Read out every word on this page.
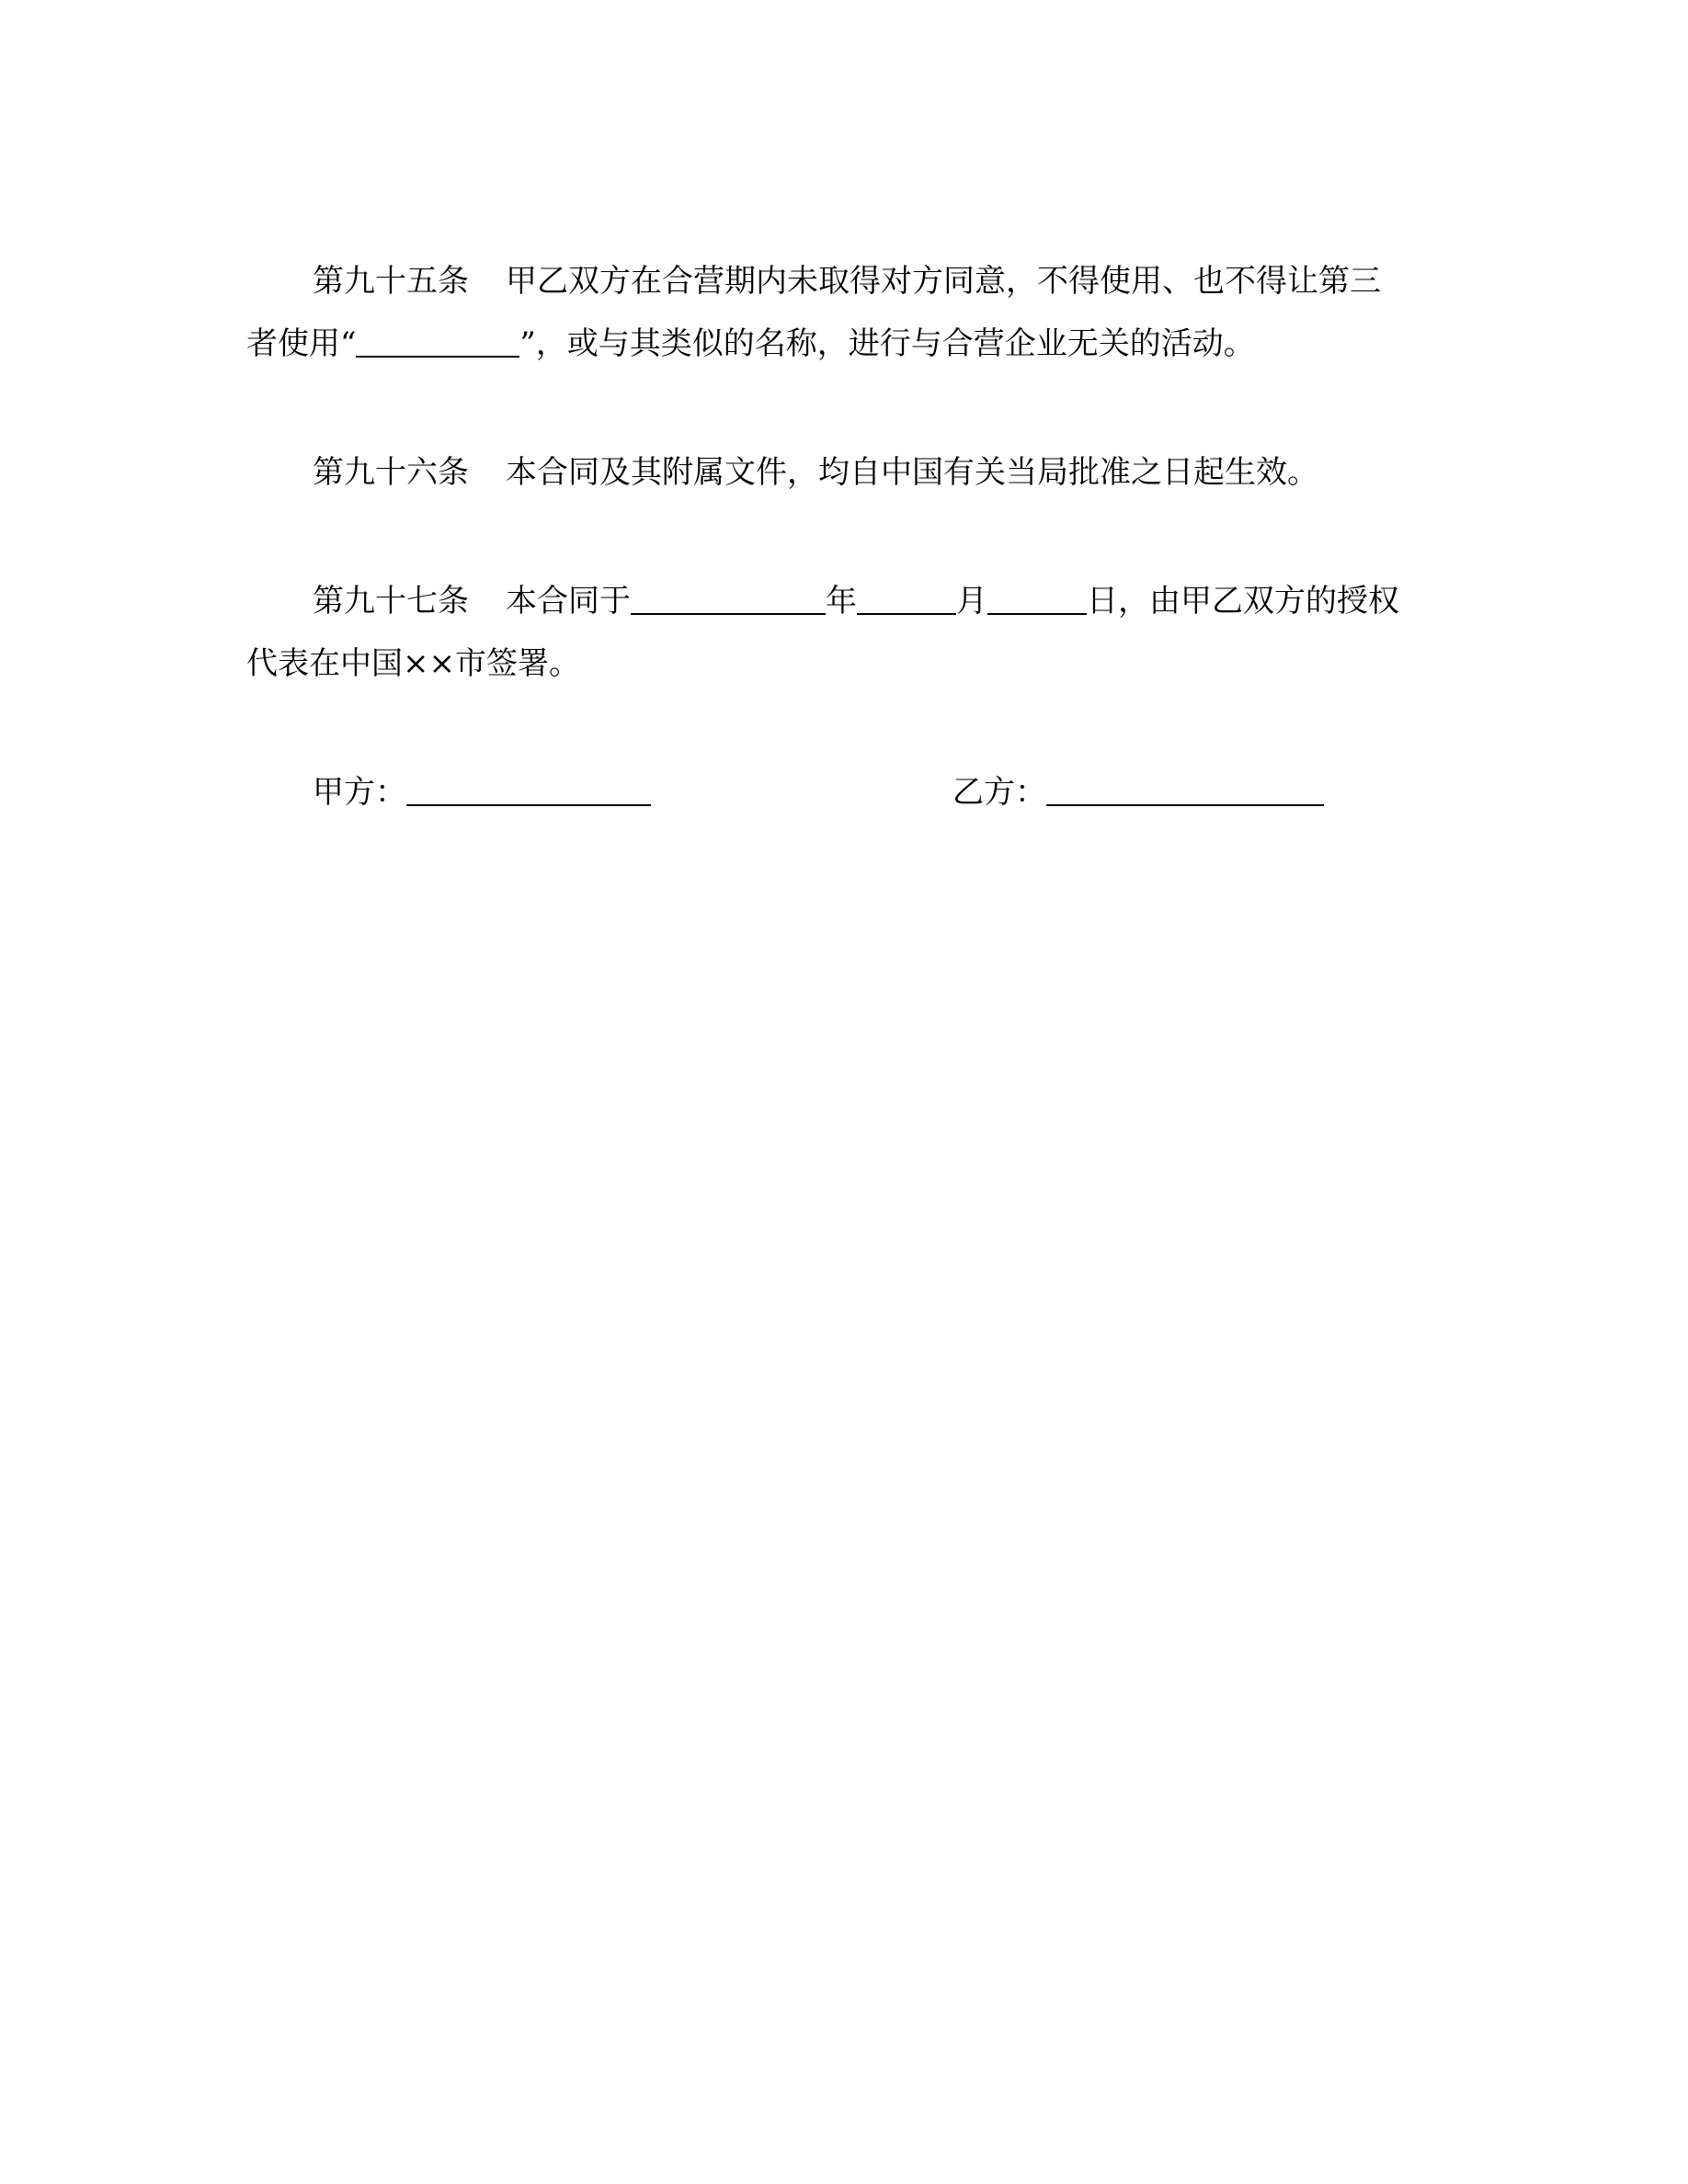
第九十五条 甲乙双方在合营期内未取得对方同意，不得使用、也不得让第三
者使用“	”，或与其类似的名称，进行与合营企业无关的活动。
第九十六条 本合同及其附属文件，均自中国有关当局批准之日起生效。
第九十七条 本合同于	年	月	日，由甲乙双方的授权
代表在中国××市签署。
甲方：	乙方：
